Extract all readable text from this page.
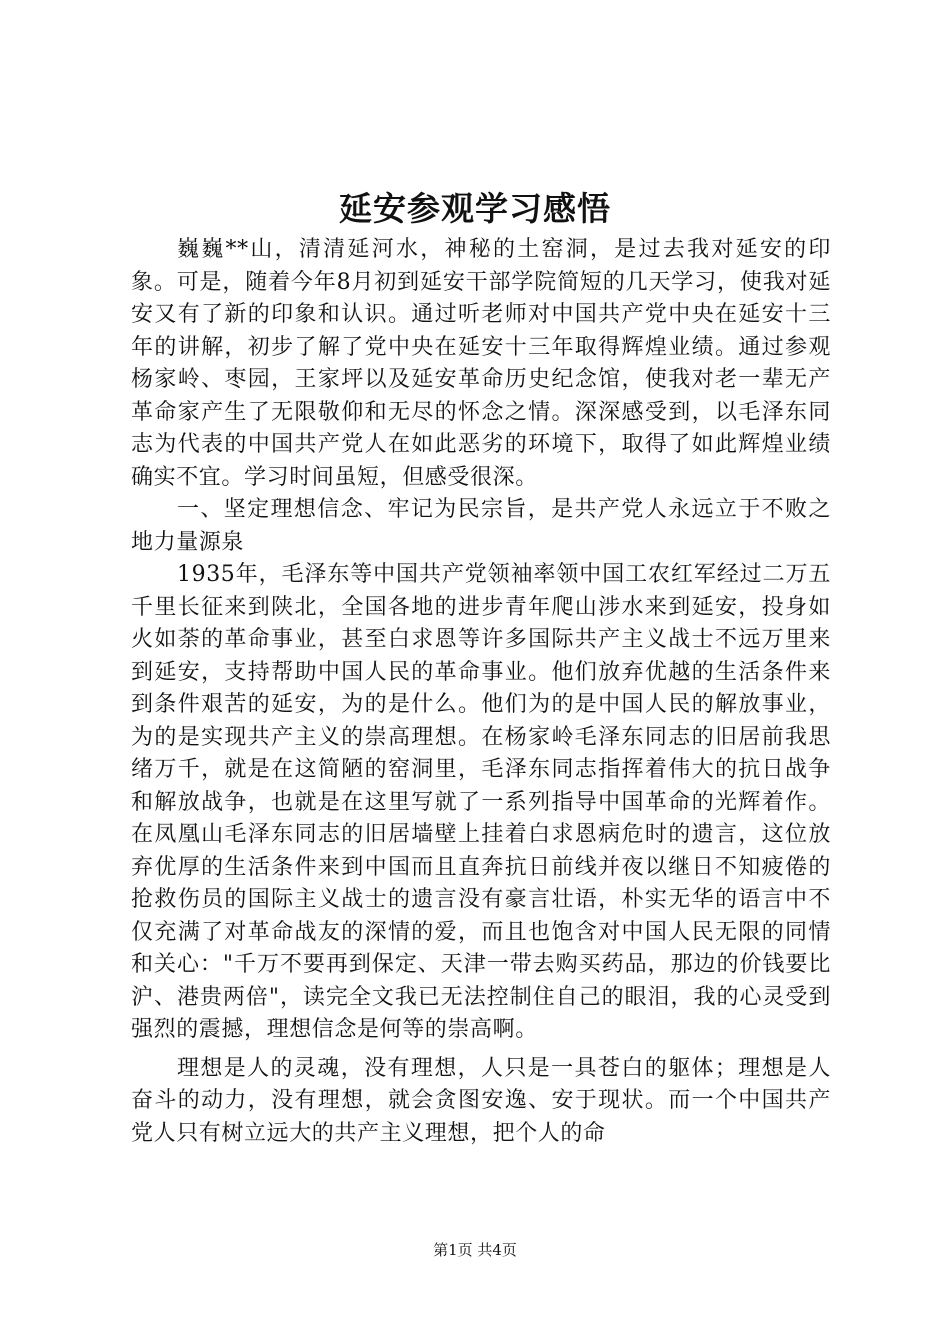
延安参观学习感悟

巍巍**山，清清延河水，神秘的土窑洞，是过去我对延安的印象。可是，随着今年8月初到延安干部学院简短的几天学习，使我对延安又有了新的印象和认识。通过听老师对中国共产党中央在延安十三年的讲解，初步了解了党中央在延安十三年取得辉煌业绩。通过参观杨家岭、枣园，王家坪以及延安革命历史纪念馆，使我对老一辈无产革命家产生了无限敬仰和无尽的怀念之情。深深感受到，以毛泽东同志为代表的中国共产党人在如此恶劣的环境下，取得了如此辉煌业绩确实不宜。学习时间虽短，但感受很深。

一、坚定理想信念、牢记为民宗旨，是共产党人永远立于不败之地力量源泉

1935年，毛泽东等中国共产党领袖率领中国工农红军经过二万五千里长征来到陕北，全国各地的进步青年爬山涉水来到延安，投身如火如荼的革命事业，甚至白求恩等许多国际共产主义战士不远万里来到延安，支持帮助中国人民的革命事业。他们放弃优越的生活条件来到条件艰苦的延安，为的是什么。他们为的是中国人民的解放事业，为的是实现共产主义的崇高理想。在杨家岭毛泽东同志的旧居前我思绪万千，就是在这简陋的窑洞里，毛泽东同志指挥着伟大的抗日战争和解放战争，也就是在这里写就了一系列指导中国革命的光辉着作。在凤凰山毛泽东同志的旧居墙壁上挂着白求恩病危时的遗言，这位放弃优厚的生活条件来到中国而且直奔抗日前线并夜以继日不知疲倦的抢救伤员的国际主义战士的遗言没有豪言壮语，朴实无华的语言中不仅充满了对革命战友的深情的爱，而且也饱含对中国人民无限的同情和关心："千万不要再到保定、天津一带去购买药品，那边的价钱要比沪、港贵两倍"，读完全文我已无法控制住自己的眼泪，我的心灵受到强烈的震撼，理想信念是何等的崇高啊。

理想是人的灵魂，没有理想，人只是一具苍白的躯体；理想是人奋斗的动力，没有理想，就会贪图安逸、安于现状。而一个中国共产党人只有树立远大的共产主义理想，把个人的命

第1页 共4页
